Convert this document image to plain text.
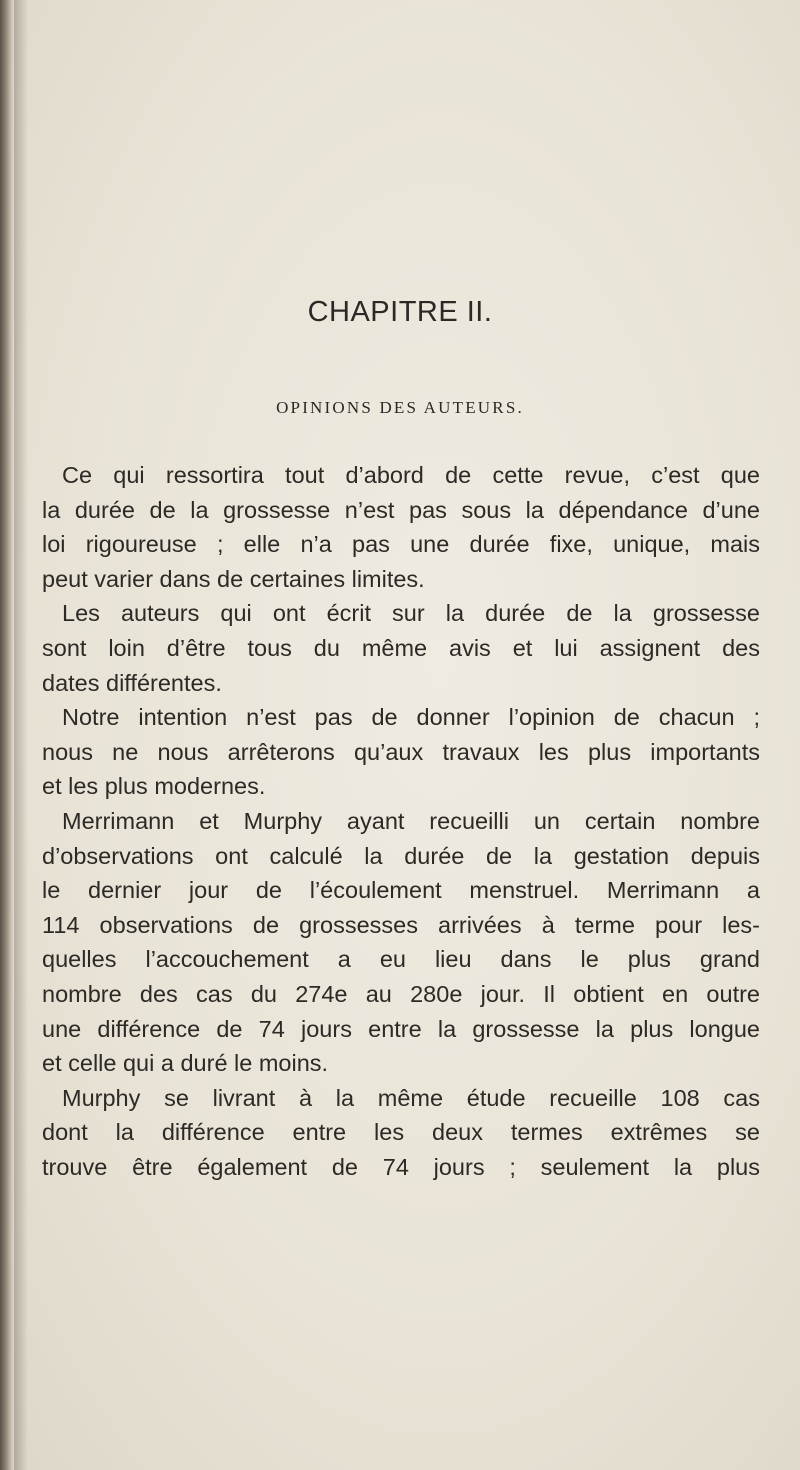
CHAPITRE II.
OPINIONS DES AUTEURS.
Ce qui ressortira tout d’abord de cette revue, c’est que
la durée de la grossesse n’est pas sous la dépendance d’une
loi rigoureuse ; elle n’a pas une durée fixe, unique, mais
peut varier dans de certaines limites.
Les auteurs qui ont écrit sur la durée de la grossesse
sont loin d’être tous du même avis et lui assignent des
dates différentes.
Notre intention n’est pas de donner l’opinion de chacun ;
nous ne nous arrêterons qu’aux travaux les plus importants
et les plus modernes.
Merrimann et Murphy ayant recueilli un certain nombre
d’observations ont calculé la durée de la gestation depuis
le dernier jour de l’écoulement menstruel. Merrimann a
114 observations de grossesses arrivées à terme pour les-
quelles l’accouchement a eu lieu dans le plus grand
nombre des cas du 274e au 280e jour. Il obtient en outre
une différence de 74 jours entre la grossesse la plus longue
et celle qui a duré le moins.
Murphy se livrant à la même étude recueille 108 cas
dont la différence entre les deux termes extrêmes se
trouve être également de 74 jours ; seulement la plus
